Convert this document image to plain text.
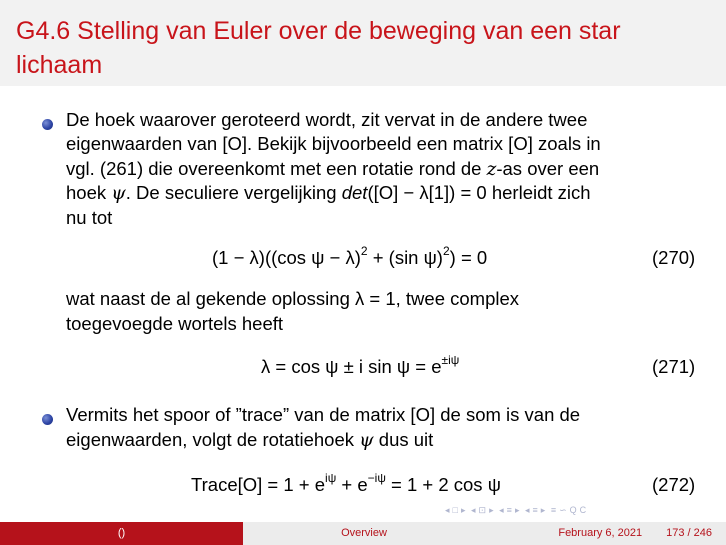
G4.6 Stelling van Euler over de beweging van een star lichaam
De hoek waarover geroteerd wordt, zit vervat in de andere twee
eigenwaarden van [O]. Bekijk bijvoorbeeld een matrix [O] zoals in
vgl. (261) die overeenkomt met een rotatie rond de z-as over een
hoek ψ. De seculiere vergelijking det([O] − λ[1]) = 0 herleidt zich
nu tot
(1 − λ)((cos ψ − λ)$^2$ + (sin ψ)$^2$) = 0	(270)
wat naast de al gekende oplossing λ = 1, twee complex
toegevoegde wortels heeft
λ = cos ψ ± i $\sin \psi = e^{\pm i\psi}$	(271)
Vermits het spoor of ”trace” van de matrix [O] de som is van de
eigenwaarden, volgt de rotatiehoek ψ dus uit
Trace[O] = $1 + e^{i\psi} + e^{-i\psi} = 1 + 2$ cos ψ	(272)
◂ □ ▸ ◂ ⊡ ▸ ◂ ≡ ▸ ◂ ≡ ▸ ≡ ∽ Q C
()	Overview	February 6, 2021 173 / 246
